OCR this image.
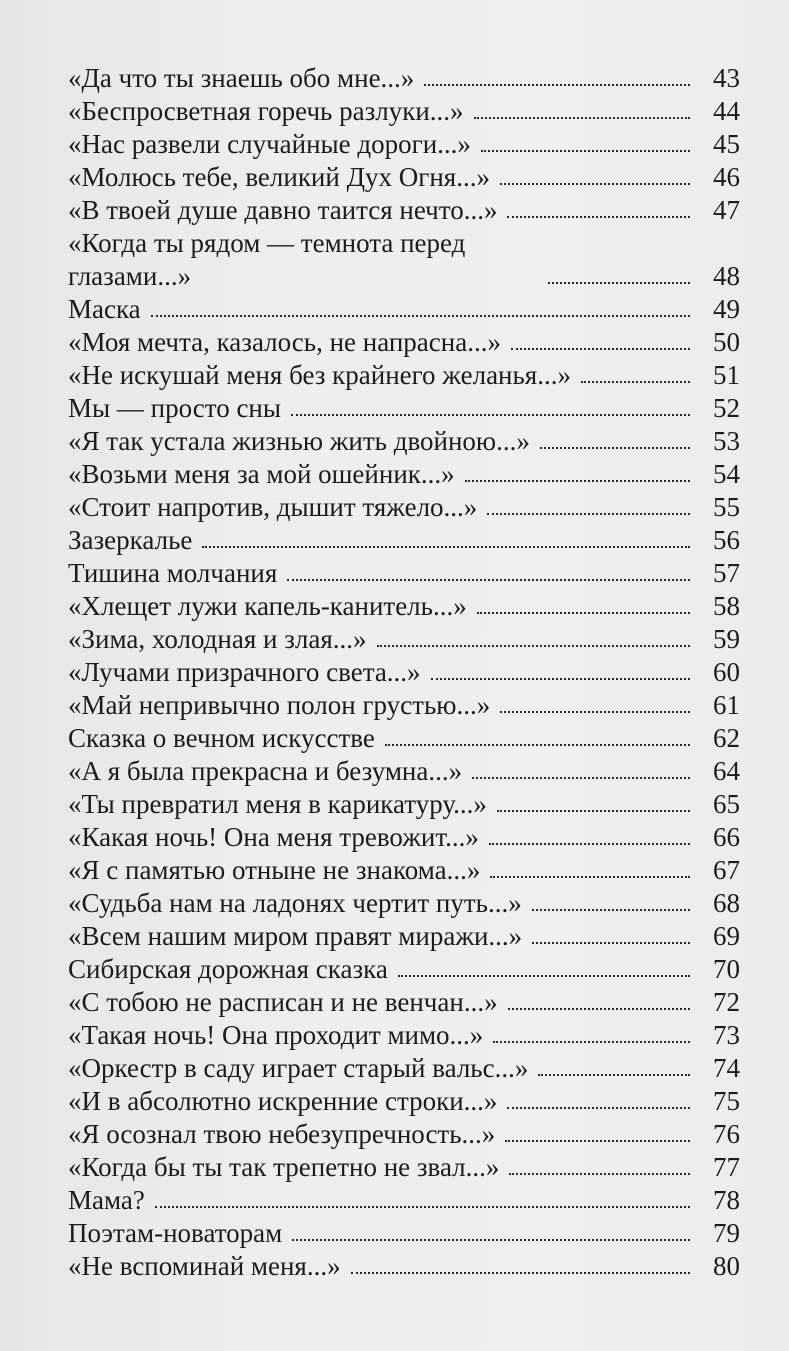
«Да что ты знаешь обо мне...»	43
«Беспросветная горечь разлуки...»	44
«Нас развели случайные дороги...»	45
«Молюсь тебе, великий Дух Огня...»	46
«В твоей душе давно таится нечто...»	47
«Когда ты рядом — темнота перед глазами...»	48
Маска	49
«Моя мечта, казалось, не напрасна...»	50
«Не искушай меня без крайнего желанья...»	51
Мы — просто сны	52
«Я так устала жизнью жить двойною...»	53
«Возьми меня за мой ошейник...»	54
«Стоит напротив, дышит тяжело...»	55
Зазеркалье	56
Тишина молчания	57
«Хлещет лужи капель-канитель...»	58
«Зима, холодная и злая...»	59
«Лучами призрачного света...»	60
«Май непривычно полон грустью...»	61
Сказка о вечном искусстве	62
«А я была прекрасна и безумна...»	64
«Ты превратил меня в карикатуру...»	65
«Какая ночь! Она меня тревожит...»	66
«Я с памятью отныне не знакома...»	67
«Судьба нам на ладонях чертит путь...»	68
«Всем нашим миром правят миражи...»	69
Сибирская дорожная сказка	70
«С тобою не расписан и не венчан...»	72
«Такая ночь! Она проходит мимо...»	73
«Оркестр в саду играет старый вальс...»	74
«И в абсолютно искренние строки...»	75
«Я осознал твою небезупречность...»	76
«Когда бы ты так трепетно не звал...»	77
Мама?	78
Поэтам-новаторам	79
«Не вспоминай меня...»	80
